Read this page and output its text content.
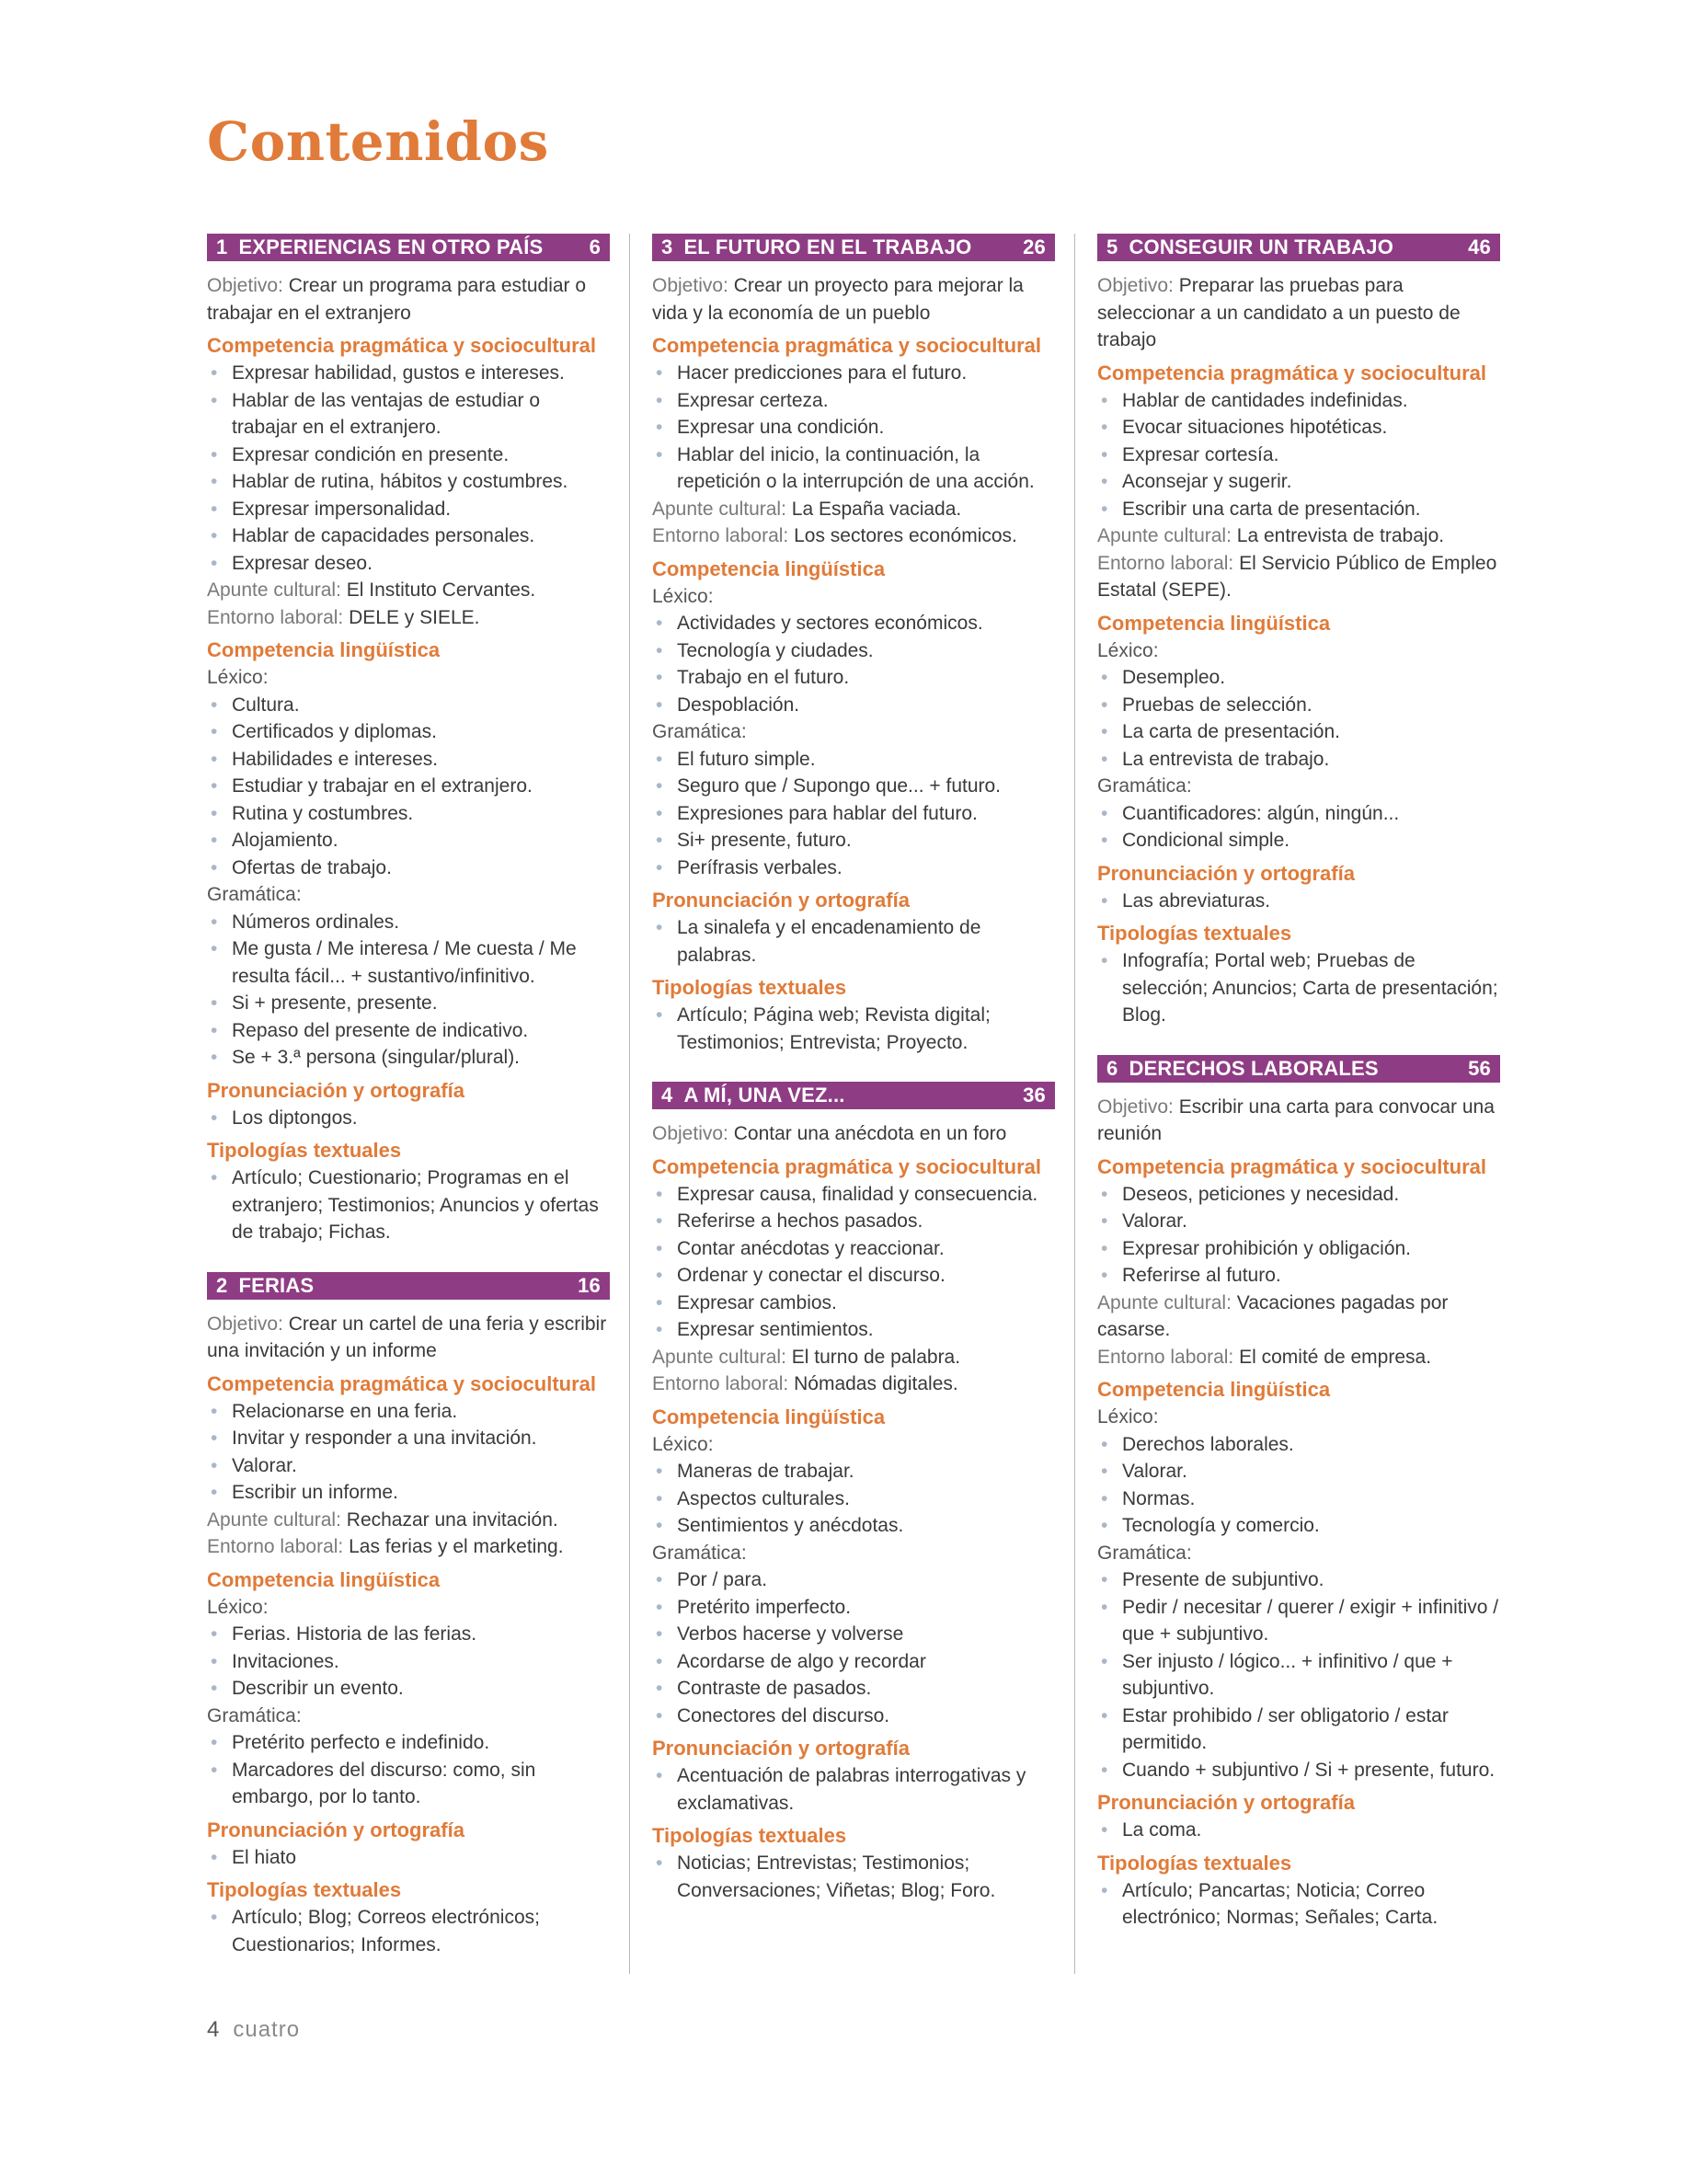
Contenidos
1 EXPERIENCIAS EN OTRO PAÍS	6
Objetivo: Crear un programa para estudiar o trabajar en el extranjero
Competencia pragmática y sociocultural
• Expresar habilidad, gustos e intereses.
• Hablar de las ventajas de estudiar o trabajar en el extranjero.
• Expresar condición en presente.
• Hablar de rutina, hábitos y costumbres.
• Expresar impersonalidad.
• Hablar de capacidades personales.
• Expresar deseo.
Apunte cultural: El Instituto Cervantes.
Entorno laboral: DELE y SIELE.
Competencia lingüística
Léxico:
• Cultura.
• Certificados y diplomas.
• Habilidades e intereses.
• Estudiar y trabajar en el extranjero.
• Rutina y costumbres.
• Alojamiento.
• Ofertas de trabajo.
Gramática:
• Números ordinales.
• Me gusta / Me interesa / Me cuesta / Me resulta fácil... + sustantivo/infinitivo.
• Si + presente, presente.
• Repaso del presente de indicativo.
• Se + 3.ª persona (singular/plural).
Pronunciación y ortografía
• Los diptongos.
Tipologías textuales
• Artículo; Cuestionario; Programas en el extranjero; Testimonios; Anuncios y ofertas de trabajo; Fichas.
2 FERIAS	16
Objetivo: Crear un cartel de una feria y escribir una invitación y un informe
Competencia pragmática y sociocultural
• Relacionarse en una feria.
• Invitar y responder a una invitación.
• Valorar.
• Escribir un informe.
Apunte cultural: Rechazar una invitación.
Entorno laboral: Las ferias y el marketing.
Competencia lingüística
Léxico:
• Ferias. Historia de las ferias.
• Invitaciones.
• Describir un evento.
Gramática:
• Pretérito perfecto e indefinido.
• Marcadores del discurso: como, sin embargo, por lo tanto.
Pronunciación y ortografía
• El hiato
Tipologías textuales
• Artículo; Blog; Correos electrónicos; Cuestionarios; Informes.
3 EL FUTURO EN EL TRABAJO	26
Objetivo: Crear un proyecto para mejorar la vida y la economía de un pueblo
Competencia pragmática y sociocultural
• Hacer predicciones para el futuro.
• Expresar certeza.
• Expresar una condición.
• Hablar del inicio, la continuación, la repetición o la interrupción de una acción.
Apunte cultural: La España vaciada.
Entorno laboral: Los sectores económicos.
Competencia lingüística
Léxico:
• Actividades y sectores económicos.
• Tecnología y ciudades.
• Trabajo en el futuro.
• Despoblación.
Gramática:
• El futuro simple.
• Seguro que / Supongo que... + futuro.
• Expresiones para hablar del futuro.
• Si+ presente, futuro.
• Perífrasis verbales.
Pronunciación y ortografía
• La sinalefa y el encadenamiento de palabras.
Tipologías textuales
• Artículo; Página web; Revista digital; Testimonios; Entrevista; Proyecto.
4 A MÍ, UNA VEZ...	36
Objetivo: Contar una anécdota en un foro
Competencia pragmática y sociocultural
• Expresar causa, finalidad y consecuencia.
• Referirse a hechos pasados.
• Contar anécdotas y reaccionar.
• Ordenar y conectar el discurso.
• Expresar cambios.
• Expresar sentimientos.
Apunte cultural: El turno de palabra.
Entorno laboral: Nómadas digitales.
Competencia lingüística
Léxico:
• Maneras de trabajar.
• Aspectos culturales.
• Sentimientos y anécdotas.
Gramática:
• Por / para.
• Pretérito imperfecto.
• Verbos hacerse y volverse
• Acordarse de algo y recordar
• Contraste de pasados.
• Conectores del discurso.
Pronunciación y ortografía
• Acentuación de palabras interrogativas y exclamativas.
Tipologías textuales
• Noticias; Entrevistas; Testimonios; Conversaciones; Viñetas; Blog; Foro.
5 CONSEGUIR UN TRABAJO	46
Objetivo: Preparar las pruebas para seleccionar a un candidato a un puesto de trabajo
Competencia pragmática y sociocultural
• Hablar de cantidades indefinidas.
• Evocar situaciones hipotéticas.
• Expresar cortesía.
• Aconsejar y sugerir.
• Escribir una carta de presentación.
Apunte cultural: La entrevista de trabajo.
Entorno laboral: El Servicio Público de Empleo Estatal (SEPE).
Competencia lingüística
Léxico:
• Desempleo.
• Pruebas de selección.
• La carta de presentación.
• La entrevista de trabajo.
Gramática:
• Cuantificadores: algún, ningún...
• Condicional simple.
Pronunciación y ortografía
• Las abreviaturas.
Tipologías textuales
• Infografía; Portal web; Pruebas de selección; Anuncios; Carta de presentación; Blog.
6 DERECHOS LABORALES	56
Objetivo: Escribir una carta para convocar una reunión
Competencia pragmática y sociocultural
• Deseos, peticiones y necesidad.
• Valorar.
• Expresar prohibición y obligación.
• Referirse al futuro.
Apunte cultural: Vacaciones pagadas por casarse.
Entorno laboral: El comité de empresa.
Competencia lingüística
Léxico:
• Derechos laborales.
• Valorar.
• Normas.
• Tecnología y comercio.
Gramática:
• Presente de subjuntivo.
• Pedir / necesitar / querer / exigir + infinitivo / que + subjuntivo.
• Ser injusto / lógico... + infinitivo / que + subjuntivo.
• Estar prohibido / ser obligatorio / estar permitido.
• Cuando + subjuntivo / Si + presente, futuro.
Pronunciación y ortografía
• La coma.
Tipologías textuales
• Artículo; Pancartas; Noticia; Correo electrónico; Normas; Señales; Carta.
4 cuatro
